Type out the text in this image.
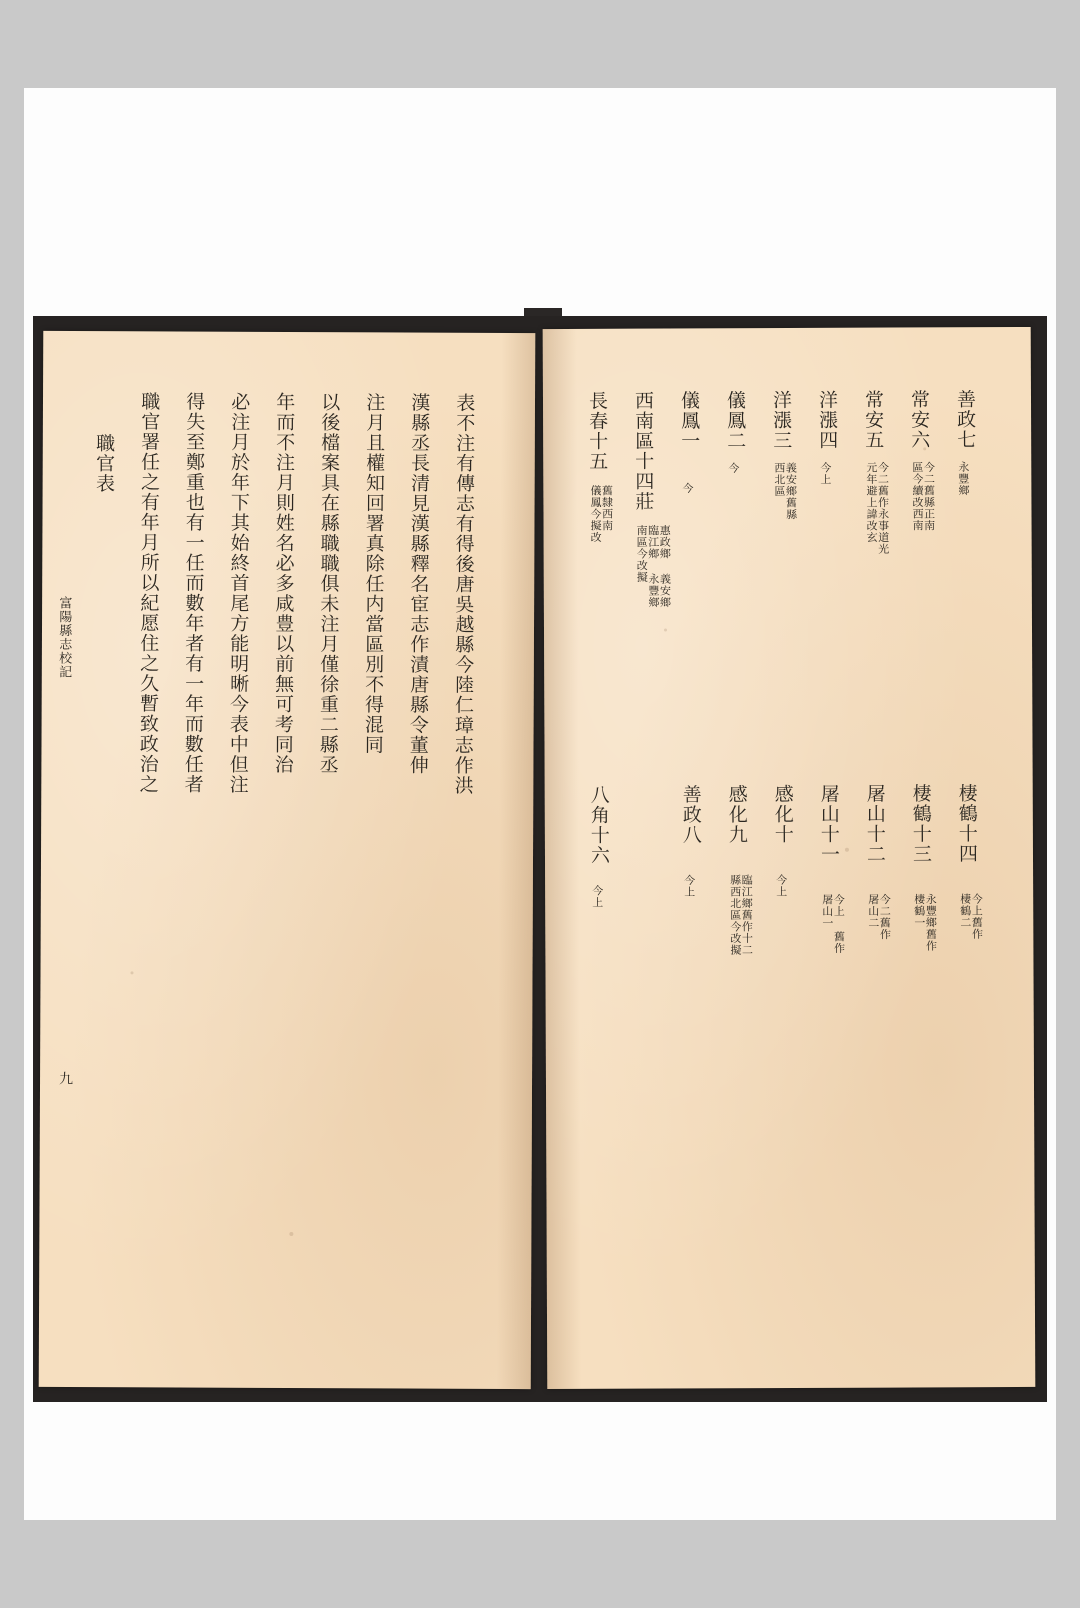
長春十五
舊隸西南
儀鳳今擬改
八角十六
今上
西南區十四莊
惠政鄉 義安鄉
臨江鄉 永豐鄉
南區今改擬
儀鳳一
今
善政八
今上
儀鳳二
今
感化九
臨江鄉舊作十二
縣西北區今改擬
洋漲三
義安鄉舊縣
西北區
感化十
今上
洋漲四
今上
屠山十一
今上 舊作
屠山一
常安五
今二舊作永事道光
元年避上諱改玄
屠山十二
今二舊作
屠山二
常安六
今二舊縣正南
區今續改西南
棲鶴十三
永豐鄉舊作
棲鶴一
善政七
永豐鄉
棲鶴十四
今上舊作
棲鶴二
職官表 職官署任之有年月所以紀愿住之久暫致政治之 得失至鄭重也有一任而數年者有一年而數任者 必注月於年下其始終首尾方能明晰今表中但注 年而不注月則姓名必多咸豊以前無可考同治 以後檔案具在縣職職俱未注月僅徐重二縣丞 注月且權知回署真除任内當區別不得混同 漢縣丞長清見漢縣釋名宦志作漬唐縣令董伸 表不注有傳志有得後唐吳越縣今陸仁璋志作洪
富陽縣志校記
九
